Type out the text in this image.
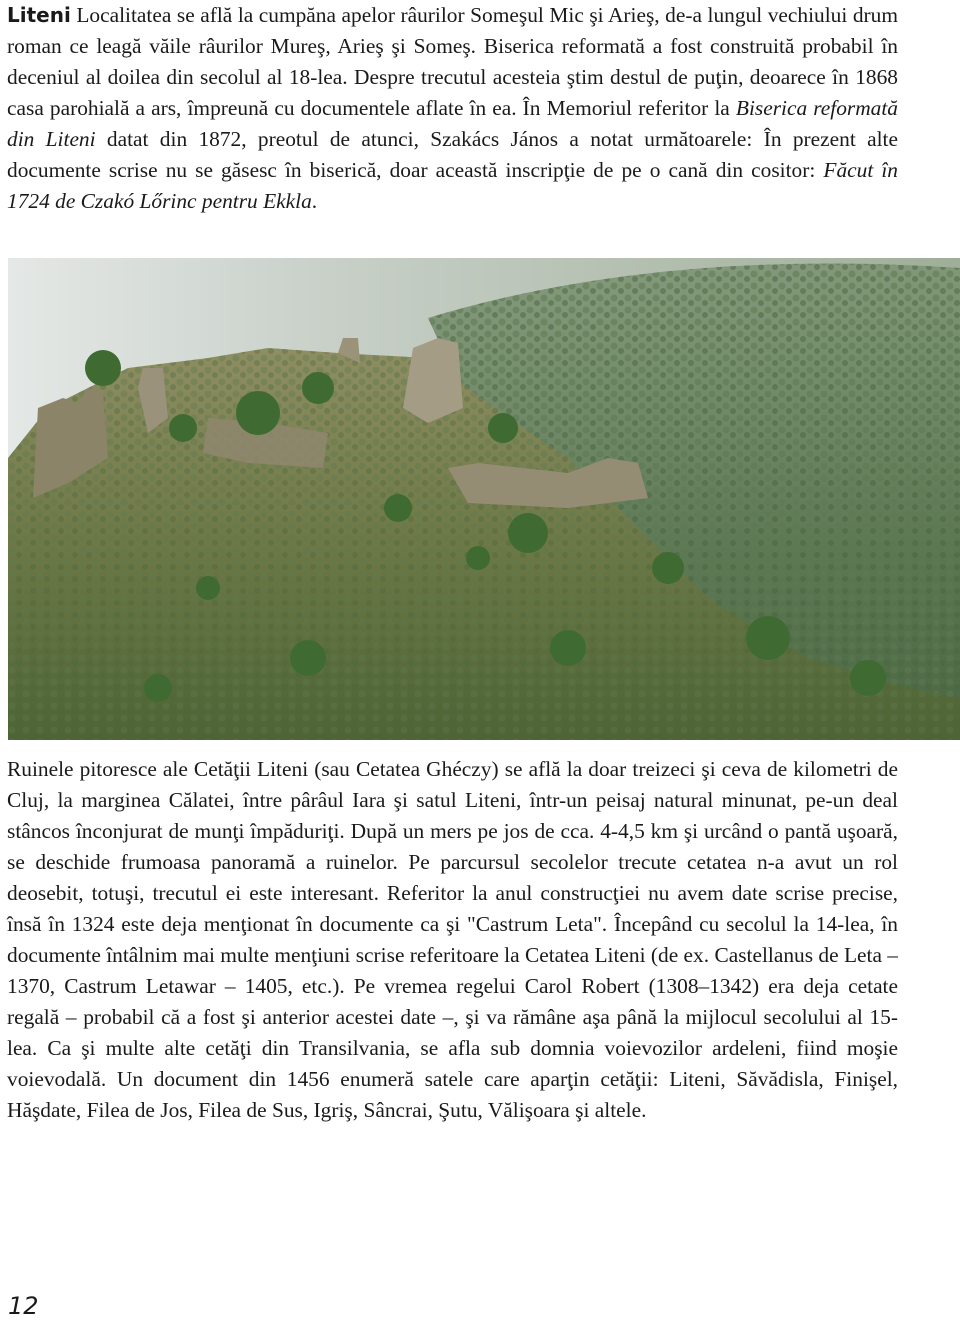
Liteni Localitatea se află la cumpăna apelor râurilor Someşul Mic şi Arieş, de-a lungul vechiului drum roman ce leagă văile râurilor Mureş, Arieş şi Someş. Biserica reformată a fost construită probabil în deceniul al doilea din secolul al 18-lea. Despre trecutul acesteia ştim destul de puţin, deoarece în 1868 casa parohială a ars, împreună cu documentele aflate în ea. În Memoriul referitor la Biserica reformată din Liteni datat din 1872, preotul de atunci, Szakács János a notat următoarele: În prezent alte documente scrise nu se găsesc în biserică, doar această inscripţie de pe o cană din cositor: Făcut în 1724 de Czakó Lőrinc pentru Ekkla.
Ruinele pitoresce ale Cetăţii Liteni (sau Cetatea Ghéczy) se află la doar treizeci şi ceva de kilometri de Cluj, la marginea Călatei, între pârâul Iara şi satul Liteni, într-un peisaj natural minunat, pe-un deal stâncos înconjurat de munţi împăduriţi. După un mers pe jos de cca. 4-4,5 km şi urcând o pantă uşoară, se deschide frumoasa panoramă a ruinelor. Pe parcursul secolelor trecute cetatea n-a avut un rol deosebit, totuşi, trecutul ei este interesant. Referitor la anul construcţiei nu avem date scrise precise, însă în 1324 este deja menţionat în documente ca şi "Castrum Leta". Începând cu secolul la 14-lea, în documente întâlnim mai multe menţiuni scrise referitoare la Cetatea Liteni (de ex. Castellanus de Leta – 1370, Castrum Letawar – 1405, etc.). Pe vremea regelui Carol Robert (1308–1342) era deja cetate regală – probabil că a fost şi anterior acestei date –, şi va rămâne aşa până la mijlocul secolului al 15-lea. Ca şi multe alte cetăţi din Transilvania, se afla sub domnia voievozilor ardeleni, fiind moşie voievodală. Un document din 1456 enumeră satele care aparţin cetăţii: Liteni, Săvădisla, Finişel, Hăşdate, Filea de Jos, Filea de Sus, Igriş, Sâncrai, Şutu, Vălişoara şi altele.
12
